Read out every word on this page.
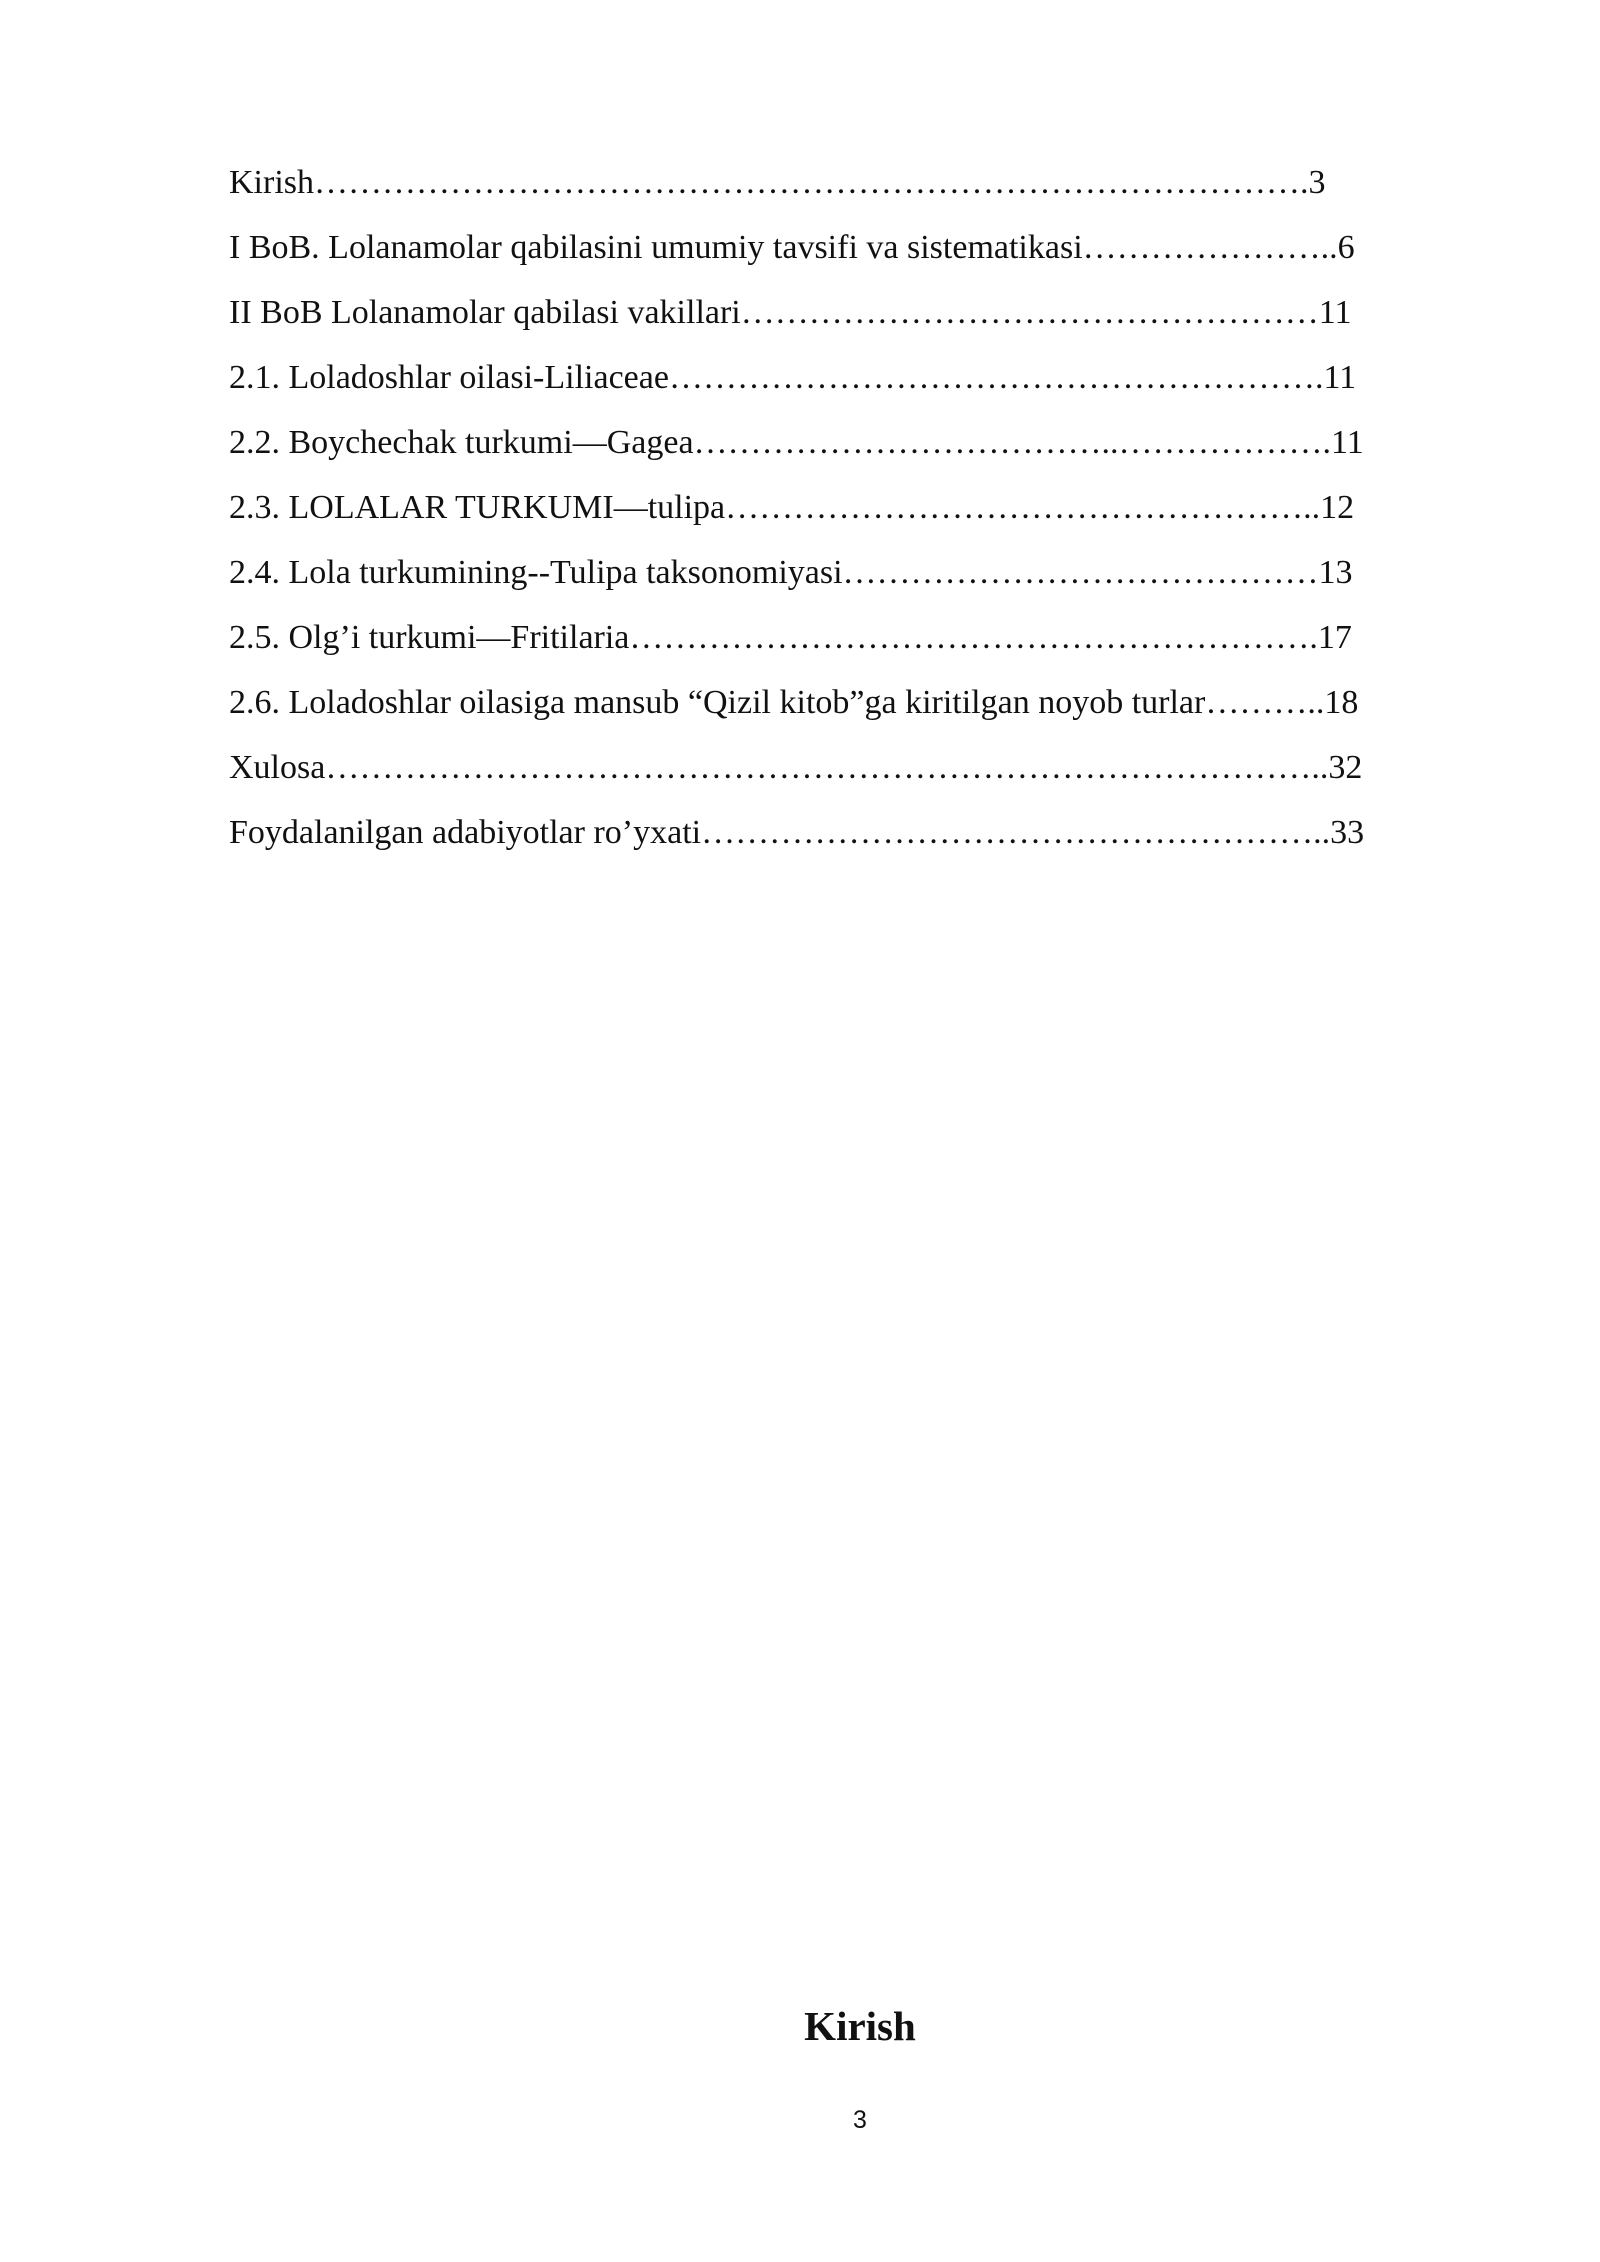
Kirish…………………………………………………………………………….3
I BoB. Lolanamolar qabilasini umumiy tavsifi va sistematikasi…………………..6
II BoB Lolanamolar qabilasi vakillari……………………………………………11
2.1. Loladoshlar oilasi-Liliaceae………………………………………………….11
2.2. Boychechak turkumi—Gagea………………………………..……………….11
2.3. LOLALAR TURKUMI—tulipa……………………………………………..12
2.4. Lola turkumining--Tulipa taksonomiyasi……………………………………13
2.5. Olg’i turkumi—Fritilaria…………………………………………………….17
2.6. Loladoshlar oilasiga mansub “Qizil kitob”ga kiritilgan noyob turlar………..18
Xulosa……………………………………………………………………………..32
Foydalanilgan adabiyotlar ro’yxati………………………………………………..33
Kirish
3
